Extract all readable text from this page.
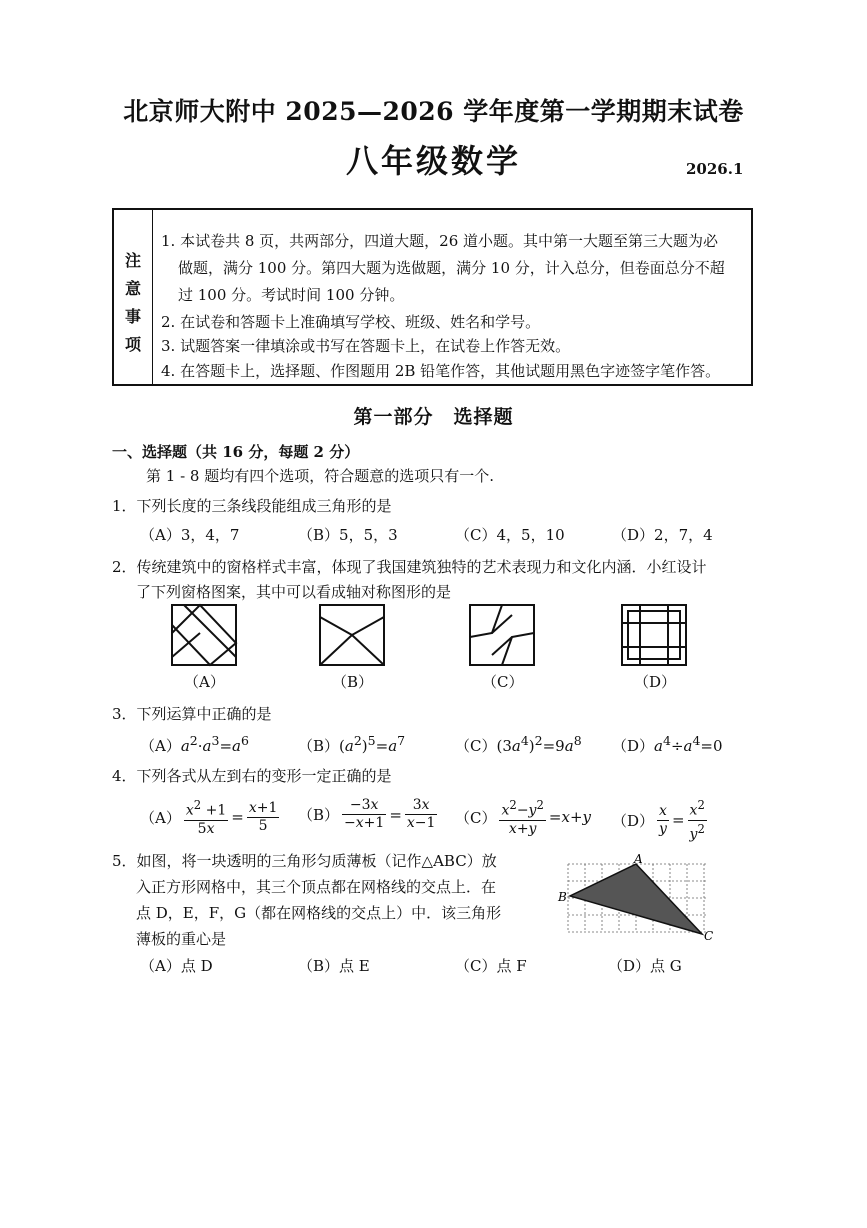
北京师大附中 2025—2026 学年度第一学期期末试卷
八年级数学	2026.1
注
意
事
项
1. 本试卷共 8 页，共两部分，四道大题，26 道小题。其中第一大题至第三大题为必
做题，满分 100 分。第四大题为选做题，满分 10 分，计入总分，但卷面总分不超
过 100 分。考试时间 100 分钟。
2. 在试卷和答题卡上准确填写学校、班级、姓名和学号。
3. 试题答案一律填涂或书写在答题卡上，在试卷上作答无效。
4. 在答题卡上，选择题、作图题用 2B 铅笔作答，其他试题用黑色字迹签字笔作答。
第一部分　选择题
一、选择题（共 16 分，每题 2 分）
第 1 - 8 题均有四个选项，符合题意的选项只有一个.
1．下列长度的三条线段能组成三角形的是
（A）3，4，7	（B）5，5，3	（C）4，5，10	（D）2，7，4
2．传统建筑中的窗格样式丰富，体现了我国建筑独特的艺术表现力和文化内涵．小红设计
了下列窗格图案，其中可以看成轴对称图形的是
（A）	（B）	（C）	（D）
3．下列运算中正确的是
$(A)a^2\cdot a^3=a^6$	$(B)(a^2)^5=a^7$	$(C)(3a^4)^2=9a^8$ $(D)a^4\div a^4=0$
4．下列各式从左到右的变形一定正确的是
$(A) \frac{x^2 +1}{5x} = \frac{x+1}{5} (B) \frac{-3x}{-x+1} = \frac{3x}{x-1} (C) \frac{x^2-y^2}{x+y} =x+y$ $(D) \frac{x}{y} = \frac{x^2}{y^2}$
5．如图，将一块透明的三角形匀质薄板（记作△ABC）放
入正方形网格中，其三个顶点都在网格线的交点上．在
点 D，E，F，G（都在网格线的交点上）中．该三角形
薄板的重心是
A
B
C
（A）点 D	（B）点 E	（C）点 F	（D）点 G
